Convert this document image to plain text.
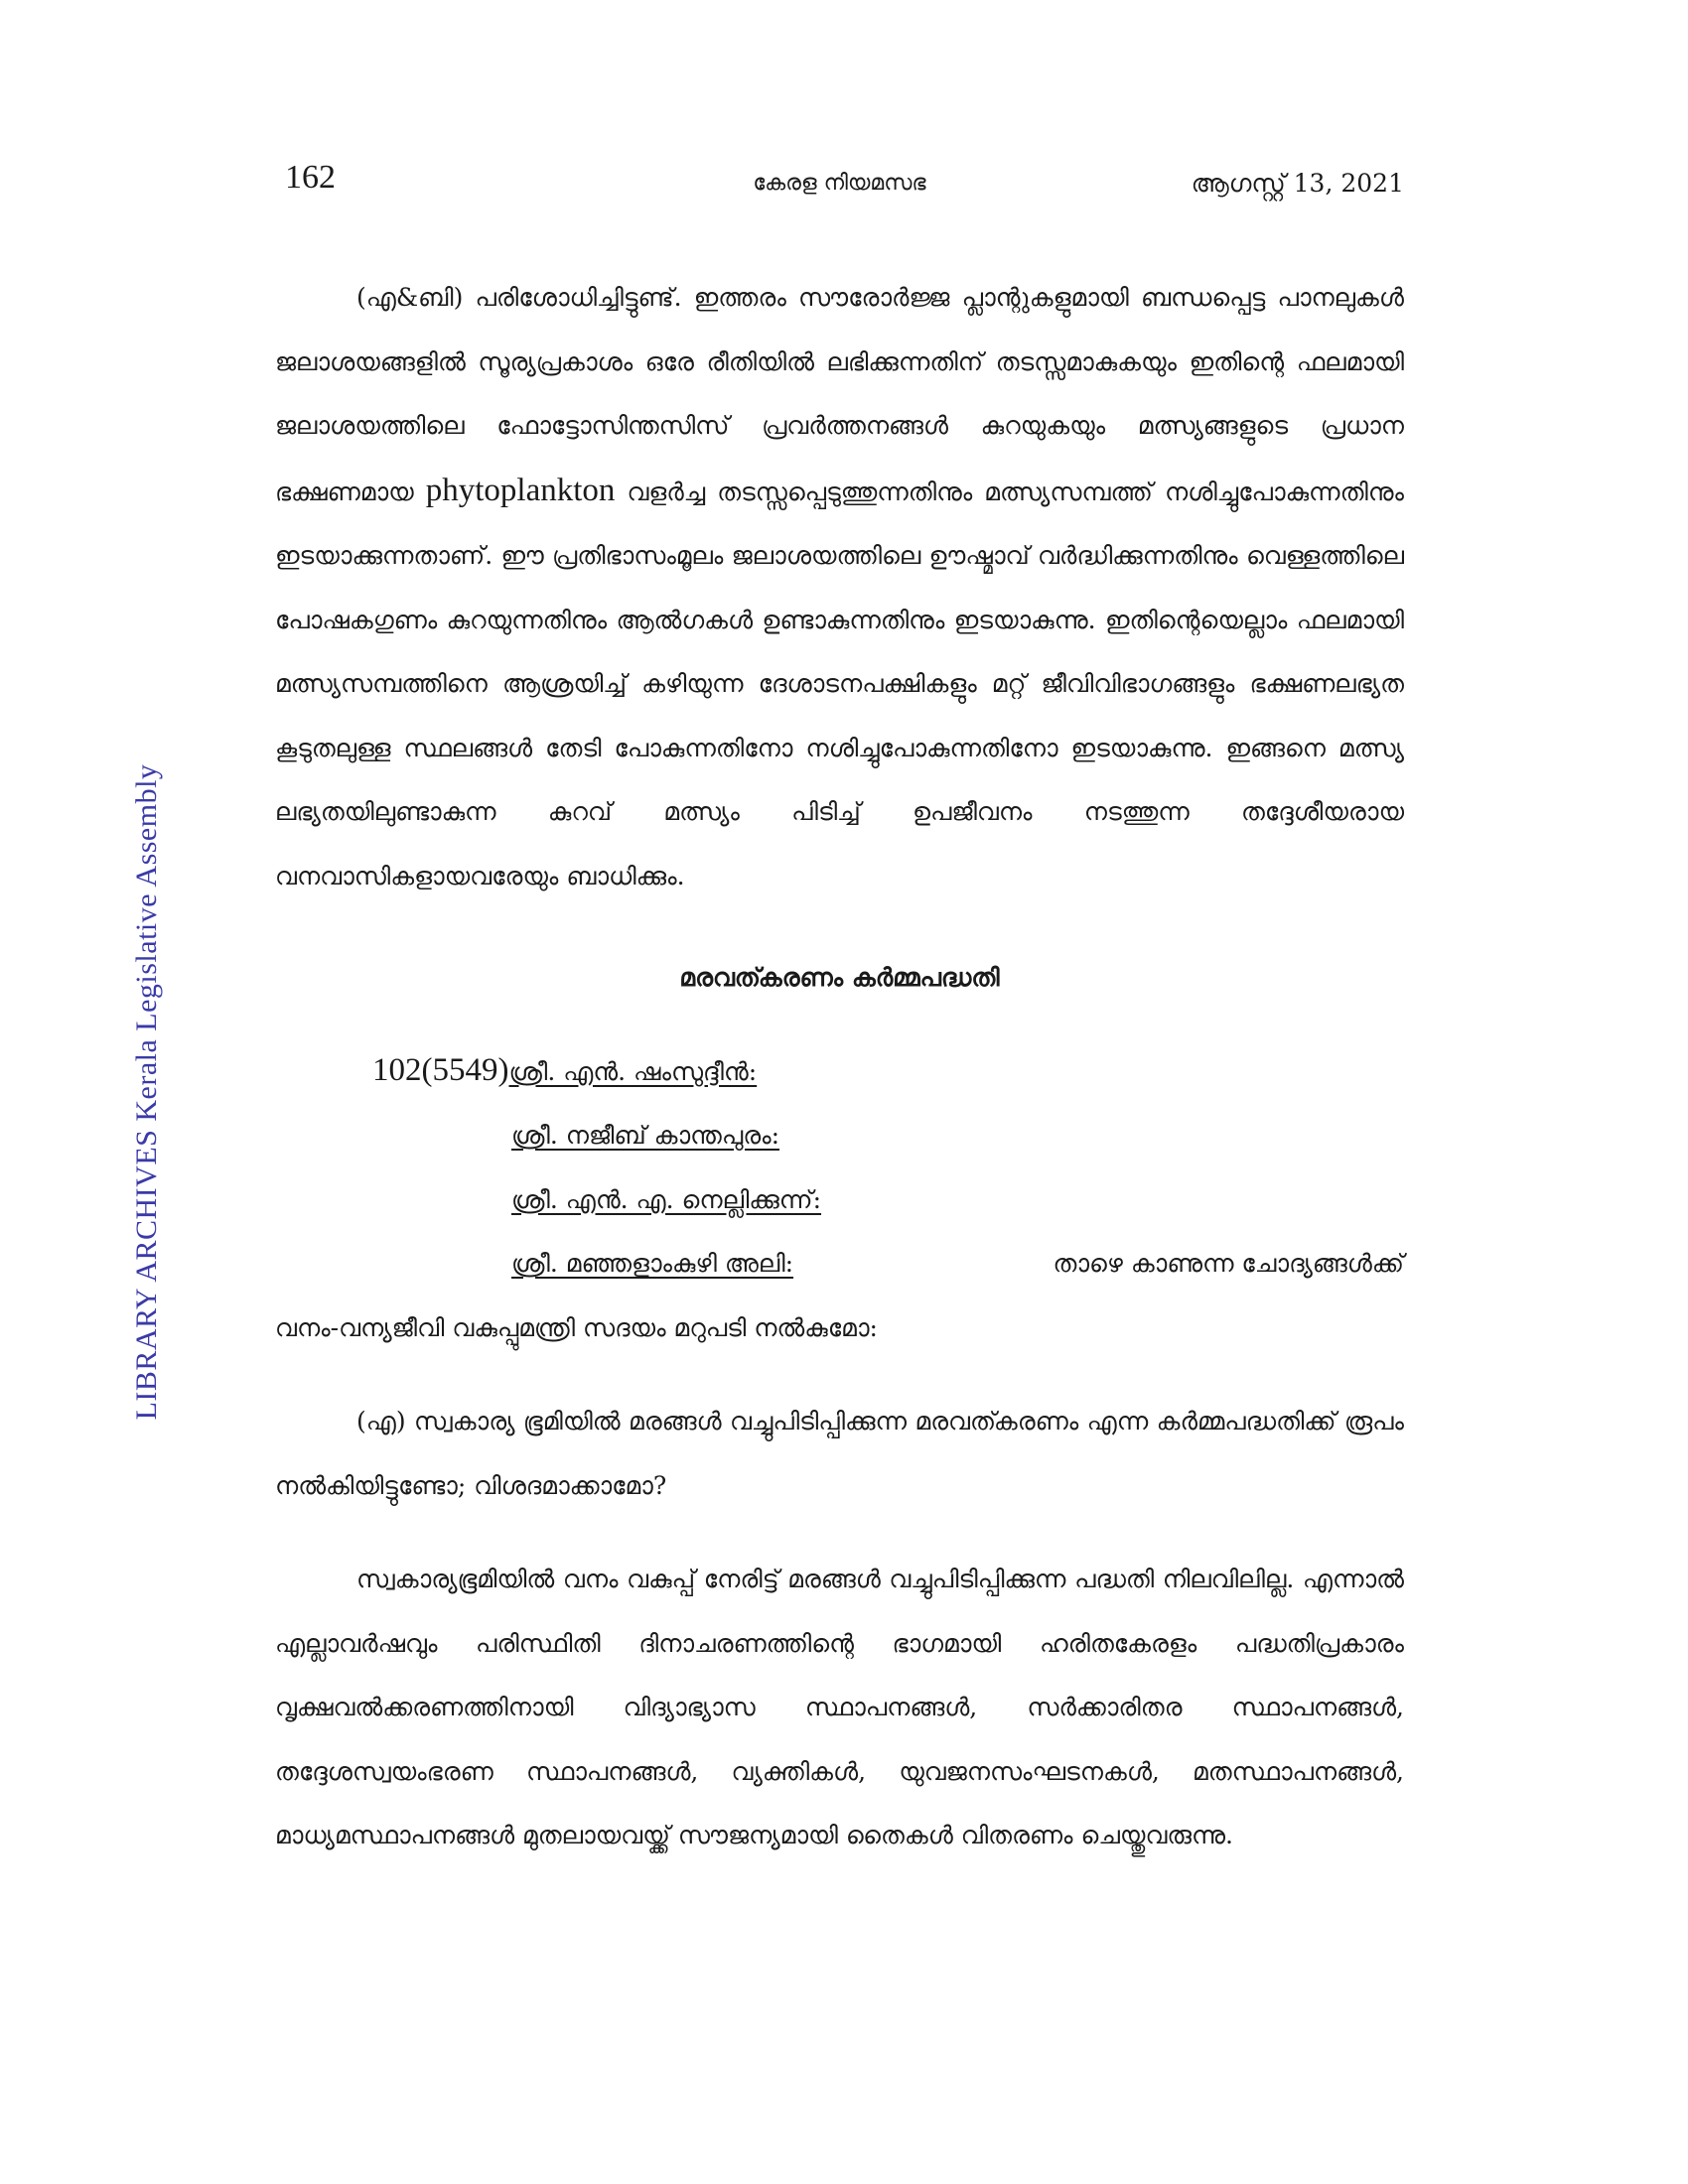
LIBRARY ARCHIVES Kerala Legislative Assembly
162	കേരള നിയമസഭ	ആഗസ്റ്റ് 13, 2021

(എ&ബി) പരിശോധിച്ചിട്ടുണ്ട്. ഇത്തരം സൗരോർജ്ജ പ്ലാന്റുകളുമായി ബന്ധപ്പെട്ട പാനലുകൾ ജലാശയങ്ങളിൽ സൂര്യപ്രകാശം ഒരേ രീതിയിൽ ലഭിക്കുന്നതിന് തടസ്സമാകുകയും ഇതിന്റെ ഫലമായി ജലാശയത്തിലെ ഫോട്ടോസിന്തസിസ് പ്രവർത്തനങ്ങൾ കുറയുകയും മത്സ്യങ്ങളുടെ പ്രധാന ഭക്ഷണമായ phytoplankton വളർച്ച തടസ്സപ്പെടുത്തുന്നതിനും മത്സ്യസമ്പത്ത് നശിച്ചുപോകുന്നതിനും ഇടയാക്കുന്നതാണ്. ഈ പ്രതിഭാസംമൂലം ജലാശയത്തിലെ ഊഷ്മാവ് വർദ്ധിക്കുന്നതിനും വെള്ളത്തിലെ പോഷകഗുണം കുറയുന്നതിനും ആൽഗകൾ ഉണ്ടാകുന്നതിനും ഇടയാകുന്നു. ഇതിന്റെയെല്ലാം ഫലമായി മത്സ്യസമ്പത്തിനെ ആശ്രയിച്ച് കഴിയുന്ന ദേശാടനപക്ഷികളും മറ്റ് ജീവിവിഭാഗങ്ങളും ഭക്ഷണലഭ്യത കൂടുതലുള്ള സ്ഥലങ്ങൾ തേടി പോകുന്നതിനോ നശിച്ചുപോകുന്നതിനോ ഇടയാകുന്നു. ഇങ്ങനെ മത്സ്യ ലഭ്യതയിലുണ്ടാകുന്ന കുറവ് മത്സ്യം പിടിച്ച് ഉപജീവനം നടത്തുന്ന തദ്ദേശീയരായ വനവാസികളായവരേയും ബാധിക്കും.

മരവത്കരണം കർമ്മപദ്ധതി
102(5549)ശ്രീ. എൻ. ഷംസുദ്ദീൻ:
ശ്രീ. നജീബ് കാന്തപുരം:
ശ്രീ. എൻ. എ. നെല്ലിക്കുന്ന്:
ശ്രീ. മഞ്ഞളാംകുഴി അലി:	താഴെ കാണുന്ന ചോദ്യങ്ങൾക്ക്
വനം-വന്യജീവി വകുപ്പുമന്ത്രി സദയം മറുപടി നൽകുമോ:

(എ) സ്വകാര്യ ഭൂമിയിൽ മരങ്ങൾ വച്ചുപിടിപ്പിക്കുന്ന മരവത്കരണം എന്ന കർമ്മപദ്ധതിക്ക് രൂപം നൽകിയിട്ടുണ്ടോ; വിശദമാക്കാമോ?

സ്വകാര്യഭൂമിയിൽ വനം വകുപ്പ് നേരിട്ട് മരങ്ങൾ വച്ചുപിടിപ്പിക്കുന്ന പദ്ധതി നിലവിലില്ല. എന്നാൽ എല്ലാവർഷവും പരിസ്ഥിതി ദിനാചരണത്തിന്റെ ഭാഗമായി ഹരിതകേരളം പദ്ധതിപ്രകാരം വൃക്ഷവൽക്കരണത്തിനായി വിദ്യാഭ്യാസ സ്ഥാപനങ്ങൾ, സർക്കാരിതര സ്ഥാപനങ്ങൾ, തദ്ദേശസ്വയംഭരണ സ്ഥാപനങ്ങൾ, വ്യക്തികൾ, യുവജനസംഘടനകൾ, മതസ്ഥാപനങ്ങൾ, മാധ്യമസ്ഥാപനങ്ങൾ മുതലായവയ്ക്ക് സൗജന്യമായി തൈകൾ വിതരണം ചെയ്തുവരുന്നു.
